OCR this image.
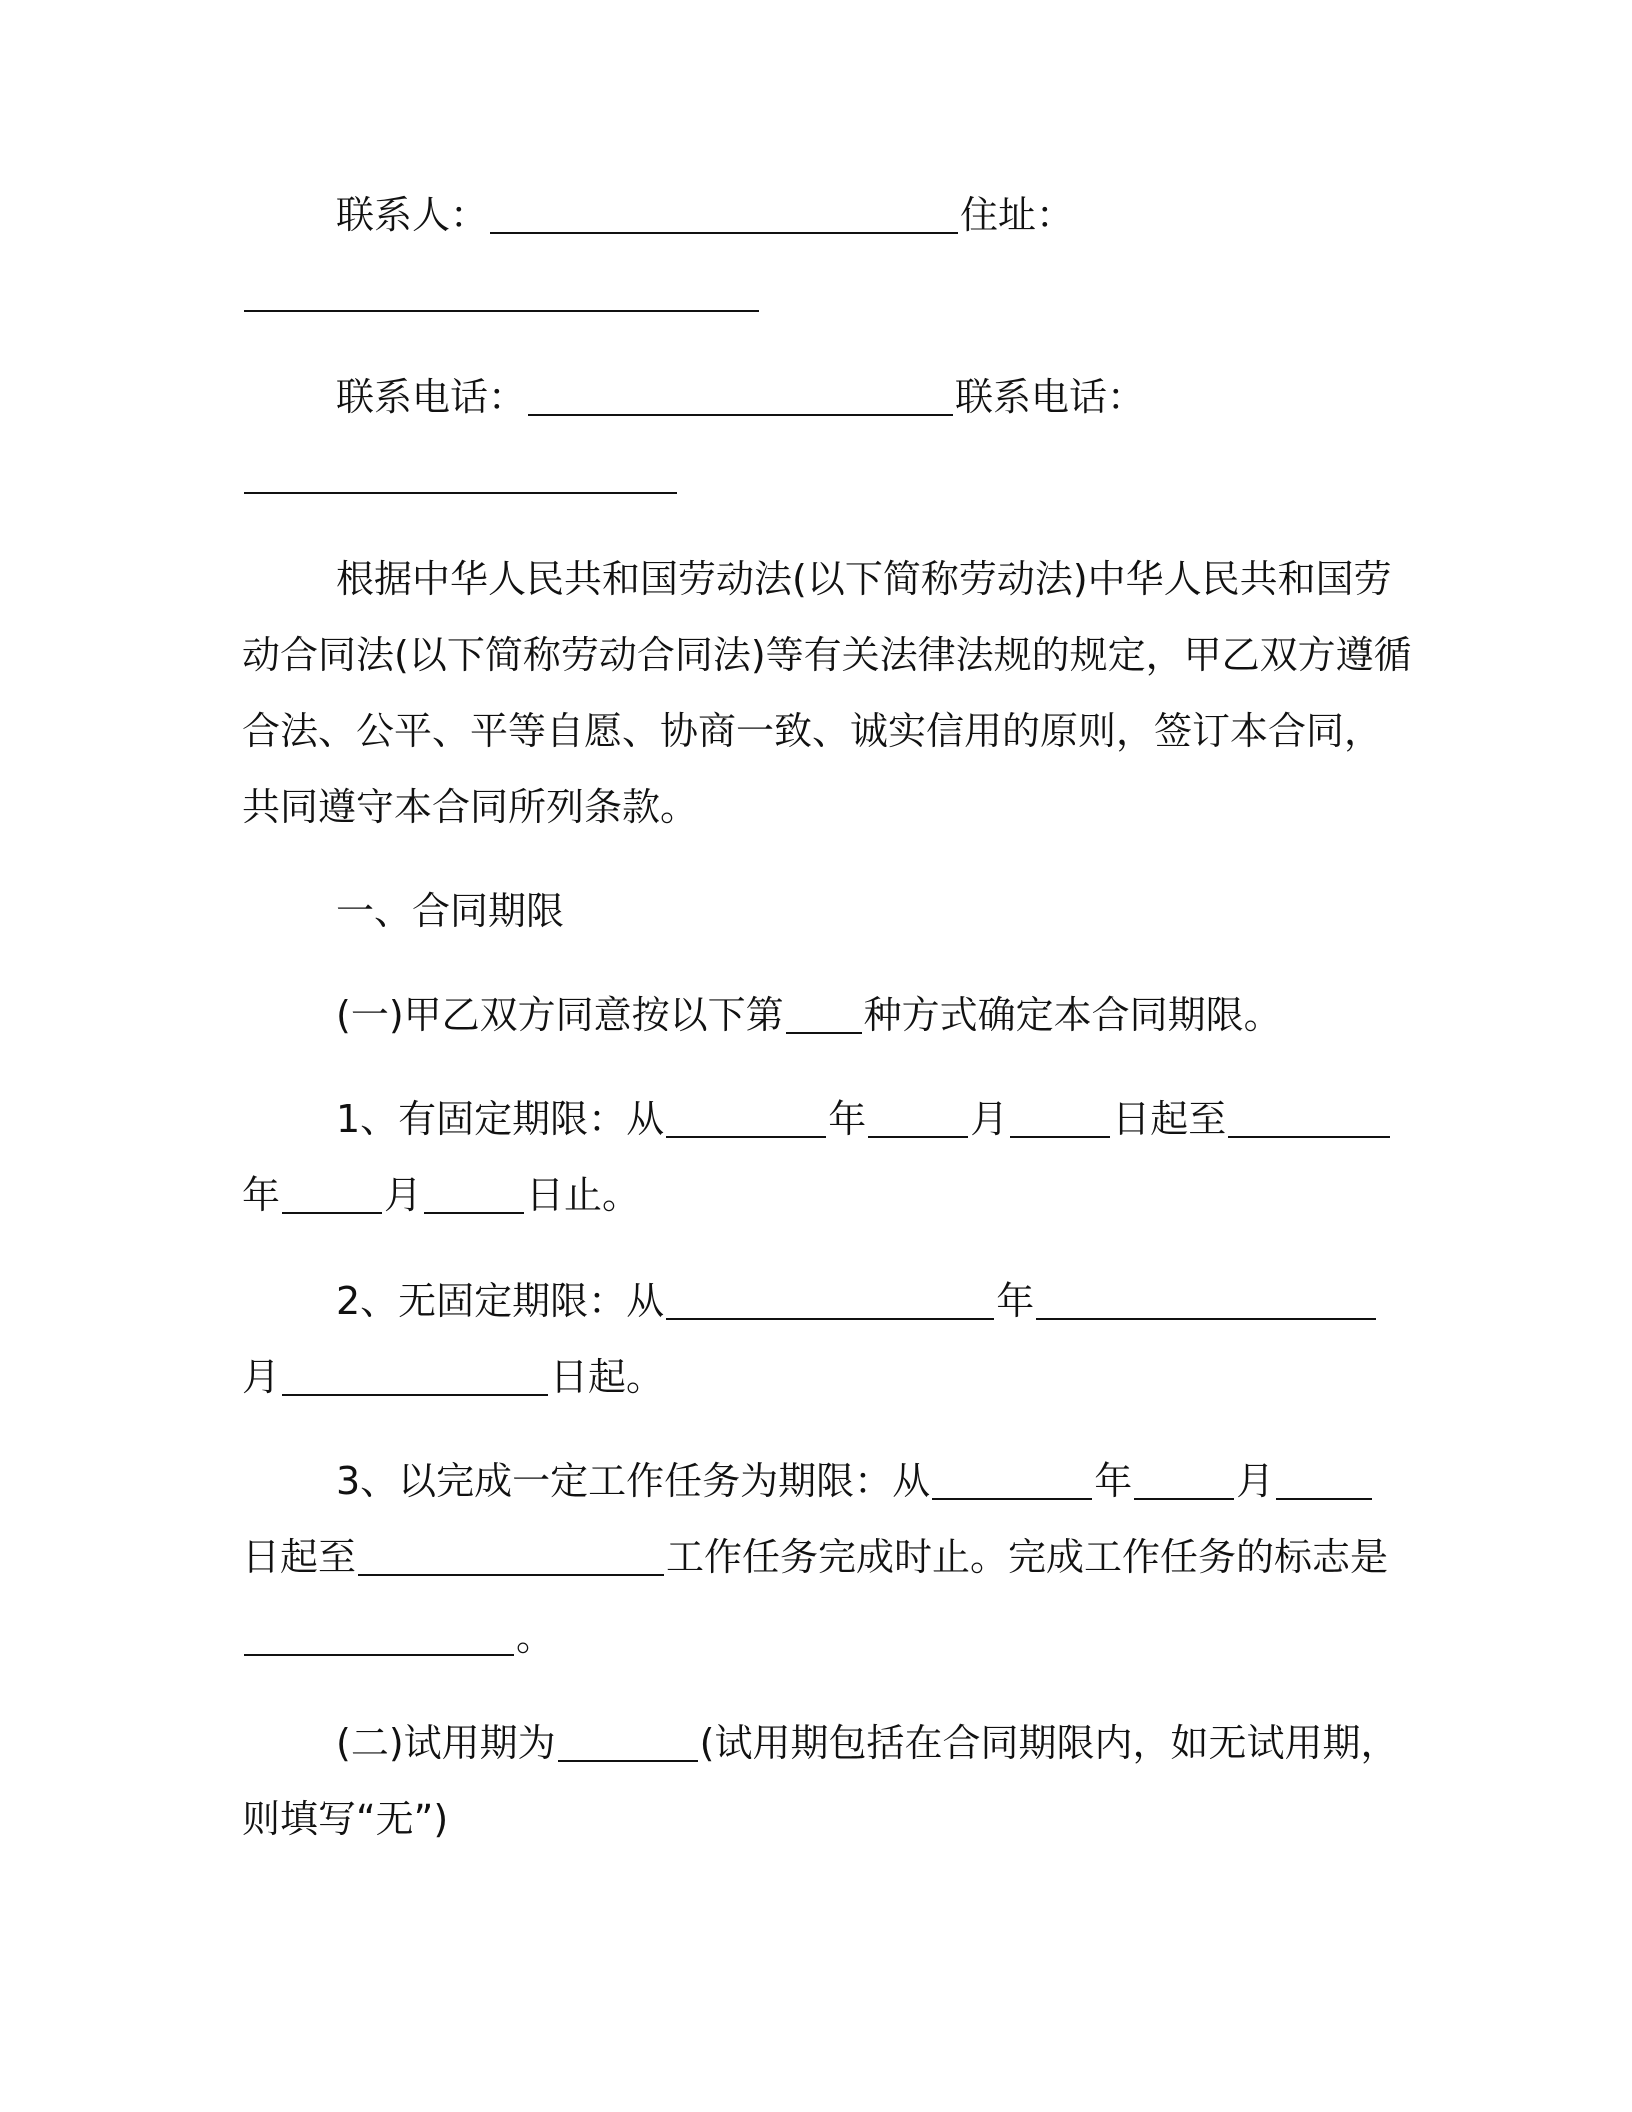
联系人：	住址：
联系电话：	联系电话：
根据中华人民共和国劳动法(以下简称劳动法)中华人民共和国劳
动合同法(以下简称劳动合同法)等有关法律法规的规定，甲乙双方遵循
合法、公平、平等自愿、协商一致、诚实信用的原则，签订本合同，
共同遵守本合同所列条款。
一、合同期限
(一)甲乙双方同意按以下第 种方式确定本合同期限。
1、有固定期限：从	年	月	日起至
年	月	日止。
2、无固定期限：从	年
月	日起。
3、以完成一定工作任务为期限：从	年	月
日起至	工作任务完成时止。完成工作任务的标志是
。
(二)试用期为	(试用期包括在合同期限内，如无试用期，
则填写“无”)
